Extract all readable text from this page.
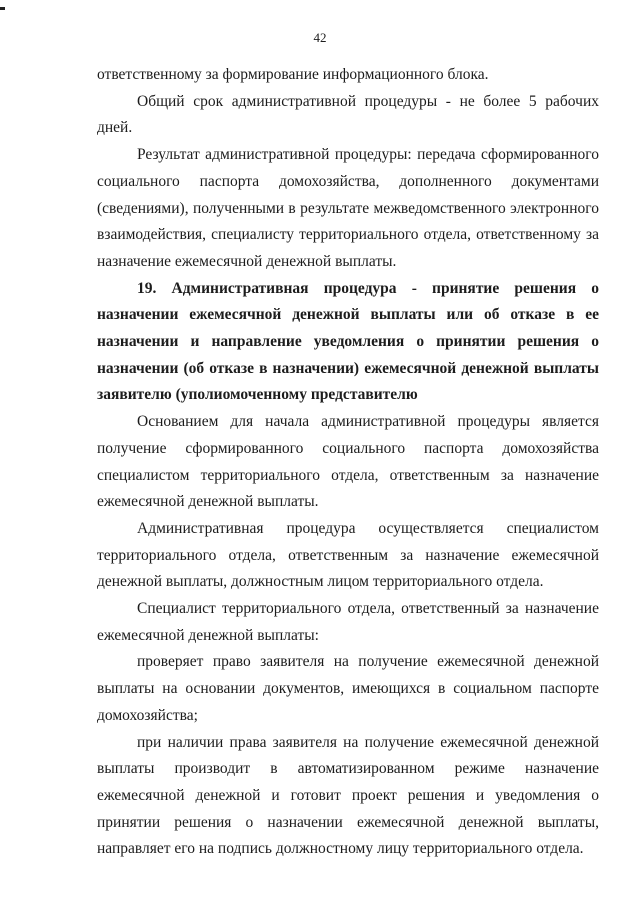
42

ответственному за формирование информационного блока.

Общий срок административной процедуры - не более 5 рабочих дней.

Результат административной процедуры: передача сформированного социального паспорта домохозяйства, дополненного документами (сведениями), полученными в результате межведомственного электронного взаимодействия, специалисту территориального отдела, ответственному за назначение ежемесячной денежной выплаты.

19. Административная процедура - принятие решения о назначении ежемесячной денежной выплаты или об отказе в ее назначении и направление уведомления о принятии решения о назначении (об отказе в назначении) ежемесячной денежной выплаты заявителю (уполиомоченному представителю

Основанием для начала административной процедуры является получение сформированного социального паспорта домохозяйства специалистом территориального отдела, ответственным за назначение ежемесячной денежной выплаты.

Административная процедура осуществляется специалистом территориального отдела, ответственным за назначение ежемесячной денежной выплаты, должностным лицом территориального отдела.

Специалист территориального отдела, ответственный за назначение ежемесячной денежной выплаты:

проверяет право заявителя на получение ежемесячной денежной выплаты на основании документов, имеющихся в социальном паспорте домохозяйства;

при наличии права заявителя на получение ежемесячной денежной выплаты производит в автоматизированном режиме назначение ежемесячной денежной и готовит проект решения и уведомления о принятии решения о назначении ежемесячной денежной выплаты, направляет его на подпись должностному лицу территориального отдела.
